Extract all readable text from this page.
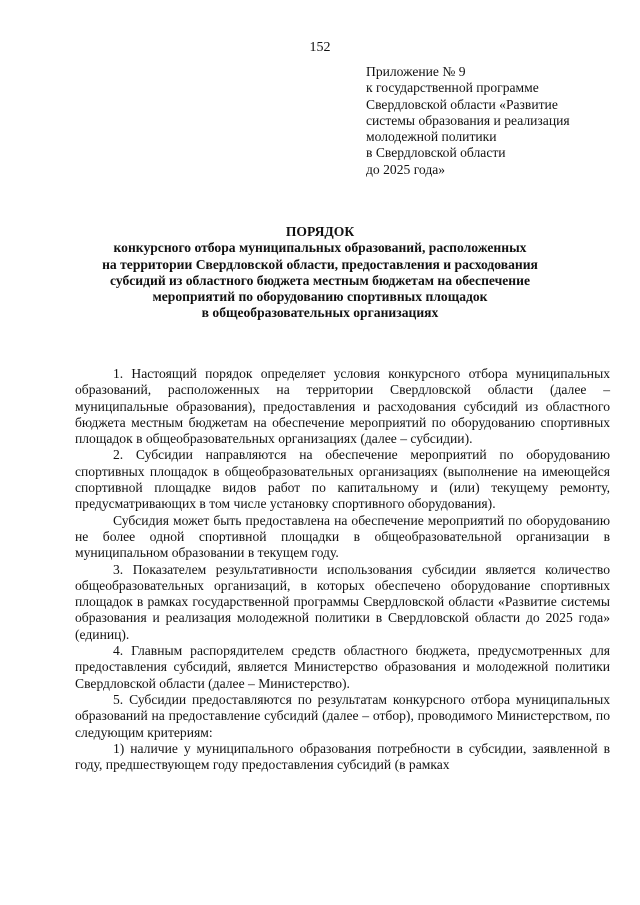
152
Приложение № 9
к государственной программе
Свердловской области «Развитие
системы образования и реализация
молодежной политики
в Свердловской области
до 2025 года»
ПОРЯДОК
конкурсного отбора муниципальных образований, расположенных
на территории Свердловской области, предоставления и расходования
субсидий из областного бюджета местным бюджетам на обеспечение
мероприятий по оборудованию спортивных площадок
в общеобразовательных организациях

1. Настоящий порядок определяет условия конкурсного отбора муниципальных образований, расположенных на территории Свердловской области (далее – муниципальные образования), предоставления и расходования субсидий из областного бюджета местным бюджетам на обеспечение мероприятий по оборудованию спортивных площадок в общеобразовательных организациях (далее – субсидии).

2. Субсидии направляются на обеспечение мероприятий по оборудованию спортивных площадок в общеобразовательных организациях (выполнение на имеющейся спортивной площадке видов работ по капитальному и (или) текущему ремонту, предусматривающих в том числе установку спортивного оборудования).

Субсидия может быть предоставлена на обеспечение мероприятий по оборудованию не более одной спортивной площадки в общеобразовательной организации в муниципальном образовании в текущем году.

3. Показателем результативности использования субсидии является количество общеобразовательных организаций, в которых обеспечено оборудование спортивных площадок в рамках государственной программы Свердловской области «Развитие системы образования и реализация молодежной политики в Свердловской области до 2025 года» (единиц).

4. Главным распорядителем средств областного бюджета, предусмотренных для предоставления субсидий, является Министерство образования и молодежной политики Свердловской области (далее – Министерство).

5. Субсидии предоставляются по результатам конкурсного отбора муниципальных образований на предоставление субсидий (далее – отбор), проводимого Министерством, по следующим критериям:

1) наличие у муниципального образования потребности в субсидии, заявленной в году, предшествующем году предоставления субсидий (в рамках
